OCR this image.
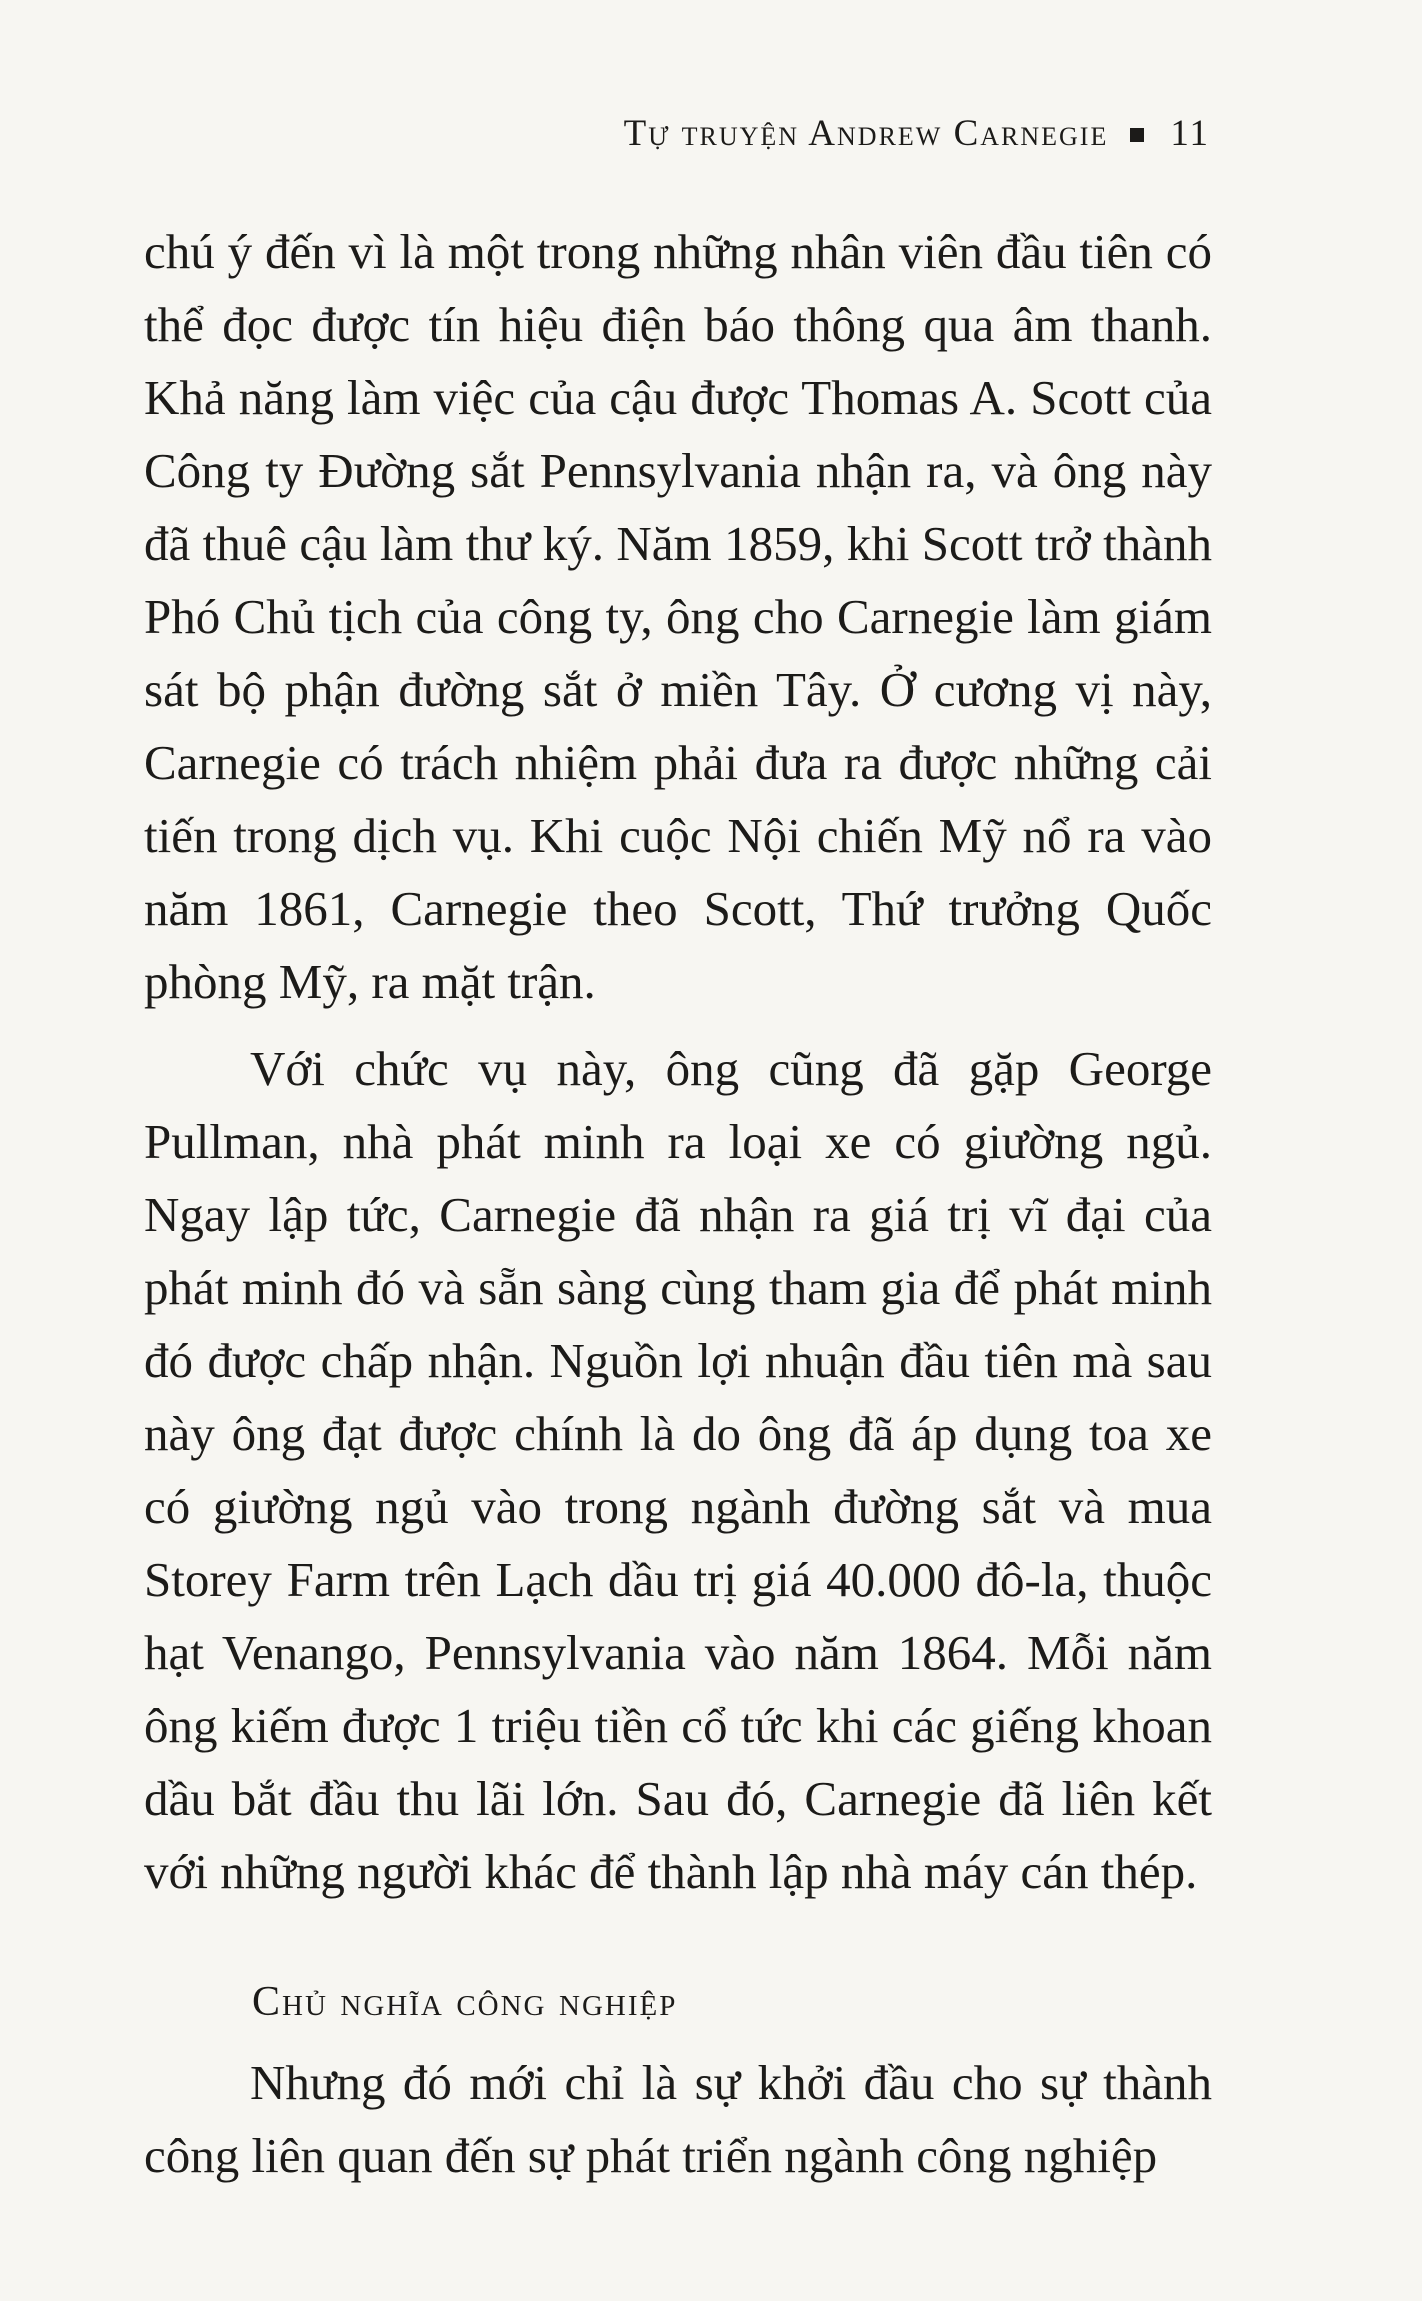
Tự truyện Andrew Carnegie 11

chú ý đến vì là một trong những nhân viên đầu tiên có thể đọc được tín hiệu điện báo thông qua âm thanh. Khả năng làm việc của cậu được Thomas A. Scott của Công ty Đường sắt Pennsylvania nhận ra, và ông này đã thuê cậu làm thư ký. Năm 1859, khi Scott trở thành Phó Chủ tịch của công ty, ông cho Carnegie làm giám sát bộ phận đường sắt ở miền Tây. Ở cương vị này, Carnegie có trách nhiệm phải đưa ra được những cải tiến trong dịch vụ. Khi cuộc Nội chiến Mỹ nổ ra vào năm 1861, Carnegie theo Scott, Thứ trưởng Quốc phòng Mỹ, ra mặt trận.

Với chức vụ này, ông cũng đã gặp George Pullman, nhà phát minh ra loại xe có giường ngủ. Ngay lập tức, Carnegie đã nhận ra giá trị vĩ đại của phát minh đó và sẵn sàng cùng tham gia để phát minh đó được chấp nhận. Nguồn lợi nhuận đầu tiên mà sau này ông đạt được chính là do ông đã áp dụng toa xe có giường ngủ vào trong ngành đường sắt và mua Storey Farm trên Lạch dầu trị giá 40.000 đô-la, thuộc hạt Venango, Pennsylvania vào năm 1864. Mỗi năm ông kiếm được 1 triệu tiền cổ tức khi các giếng khoan dầu bắt đầu thu lãi lớn. Sau đó, Carnegie đã liên kết với những người khác để thành lập nhà máy cán thép.

Chủ nghĩa công nghiệp

Nhưng đó mới chỉ là sự khởi đầu cho sự thành công liên quan đến sự phát triển ngành công nghiệp
